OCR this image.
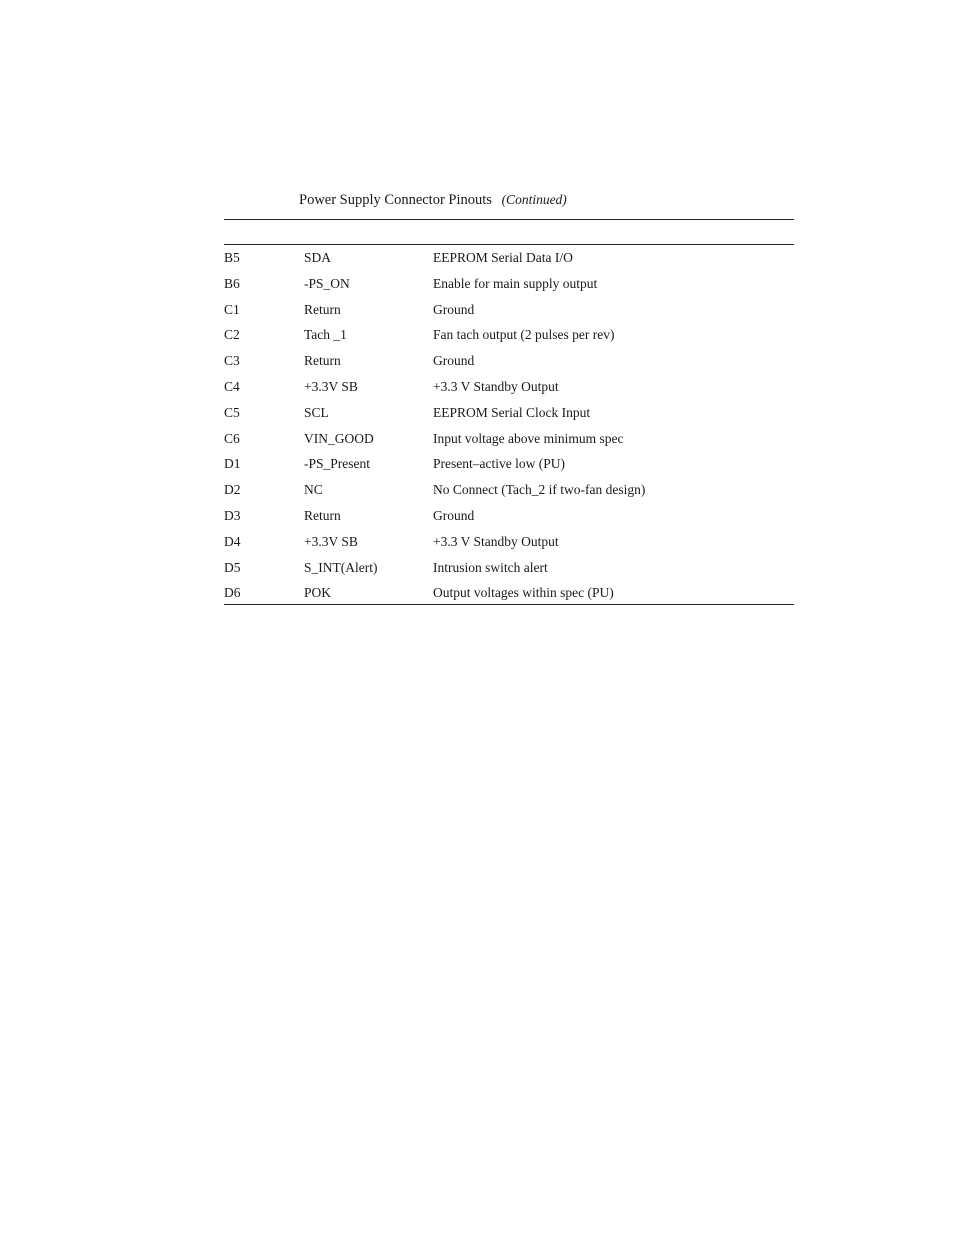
Power Supply Connector Pinouts (Continued)
B5	SDA	EEPROM Serial Data I/O
B6	-PS_ON	Enable for main supply output
C1	Return	Ground
C2	Tach _1	Fan tach output (2 pulses per rev)
C3	Return	Ground
C4	+3.3V SB	+3.3 V Standby Output
C5	SCL	EEPROM Serial Clock Input
C6	VIN_GOOD	Input voltage above minimum spec
D1	-PS_Present	Present–active low (PU)
D2	NC	No Connect (Tach_2 if two-fan design)
D3	Return	Ground
D4	+3.3V SB	+3.3 V Standby Output
D5	S_INT(Alert)	Intrusion switch alert
D6	POK	Output voltages within spec (PU)
